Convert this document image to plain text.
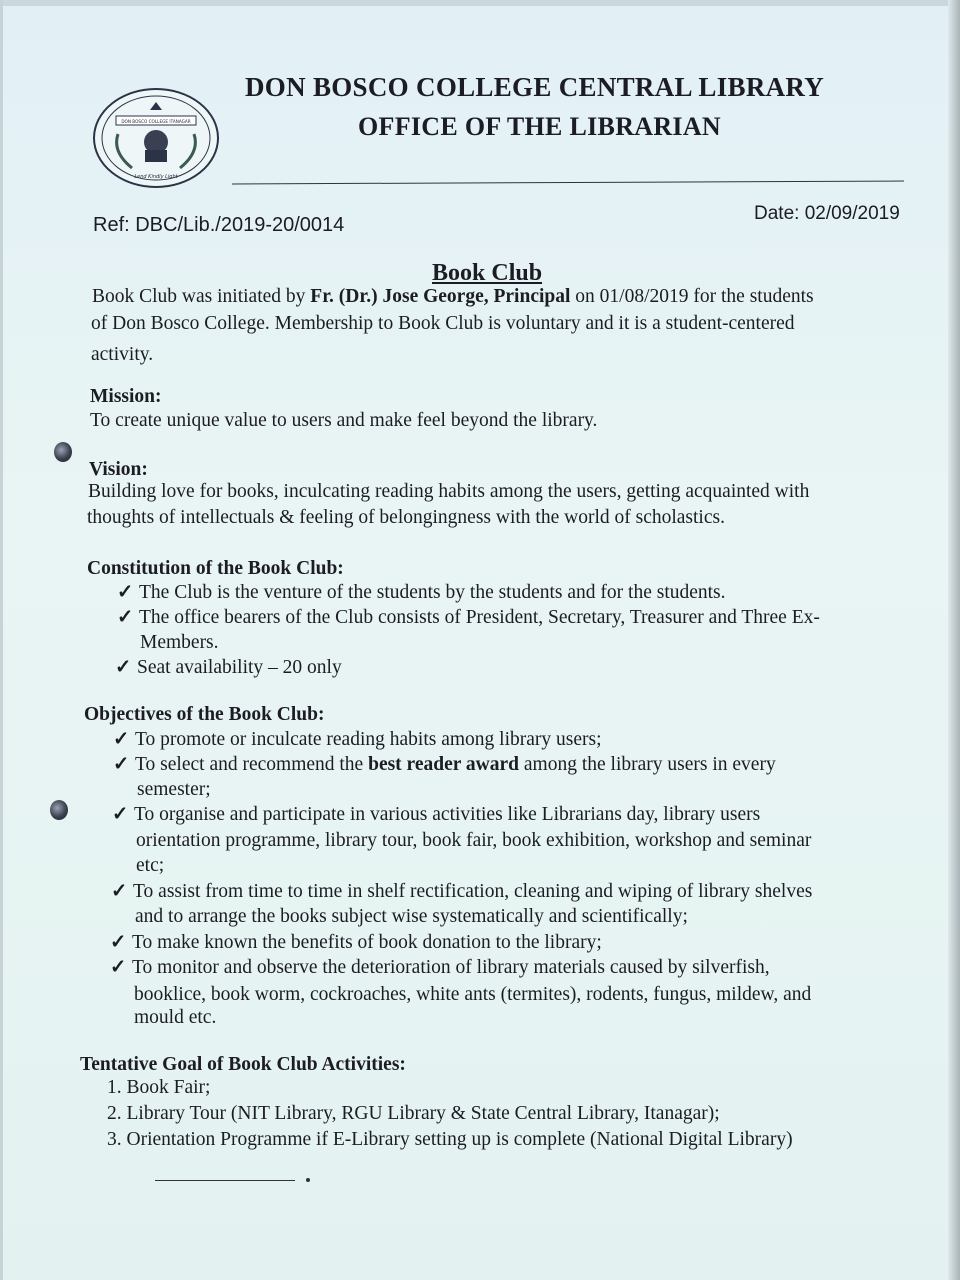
DON BOSCO COLLEGE ITANAGAR
Lend Kindly Light
DON BOSCO COLLEGE CENTRAL LIBRARY
OFFICE OF THE LIBRARIAN
Ref: DBC/Lib./2019-20/0014
Date: 02/09/2019
Book Club
Book Club was initiated by Fr. (Dr.) Jose George, Principal on 01/08/2019 for the students
of Don Bosco College. Membership to Book Club is voluntary and it is a student-centered
activity.
Mission:
To create unique value to users and make feel beyond the library.
Vision:
Building love for books, inculcating reading habits among the users, getting acquainted with
thoughts of intellectuals & feeling of belongingness with the world of scholastics.
Constitution of the Book Club:
✓ The Club is the venture of the students by the students and for the students.
✓ The office bearers of the Club consists of President, Secretary, Treasurer and Three Ex-
Members.
✓ Seat availability – 20 only
Objectives of the Book Club:
✓ To promote or inculcate reading habits among library users;
✓ To select and recommend the best reader award among the library users in every
semester;
✓ To organise and participate in various activities like Librarians day, library users
orientation programme, library tour, book fair, book exhibition, workshop and seminar
etc;
✓ To assist from time to time in shelf rectification, cleaning and wiping of library shelves
and to arrange the books subject wise systematically and scientifically;
✓ To make known the benefits of book donation to the library;
✓ To monitor and observe the deterioration of library materials caused by silverfish,
booklice, book worm, cockroaches, white ants (termites), rodents, fungus, mildew, and
mould etc.
Tentative Goal of Book Club Activities:
1. Book Fair;
2. Library Tour (NIT Library, RGU Library & State Central Library, Itanagar);
3. Orientation Programme if E-Library setting up is complete (National Digital Library)
